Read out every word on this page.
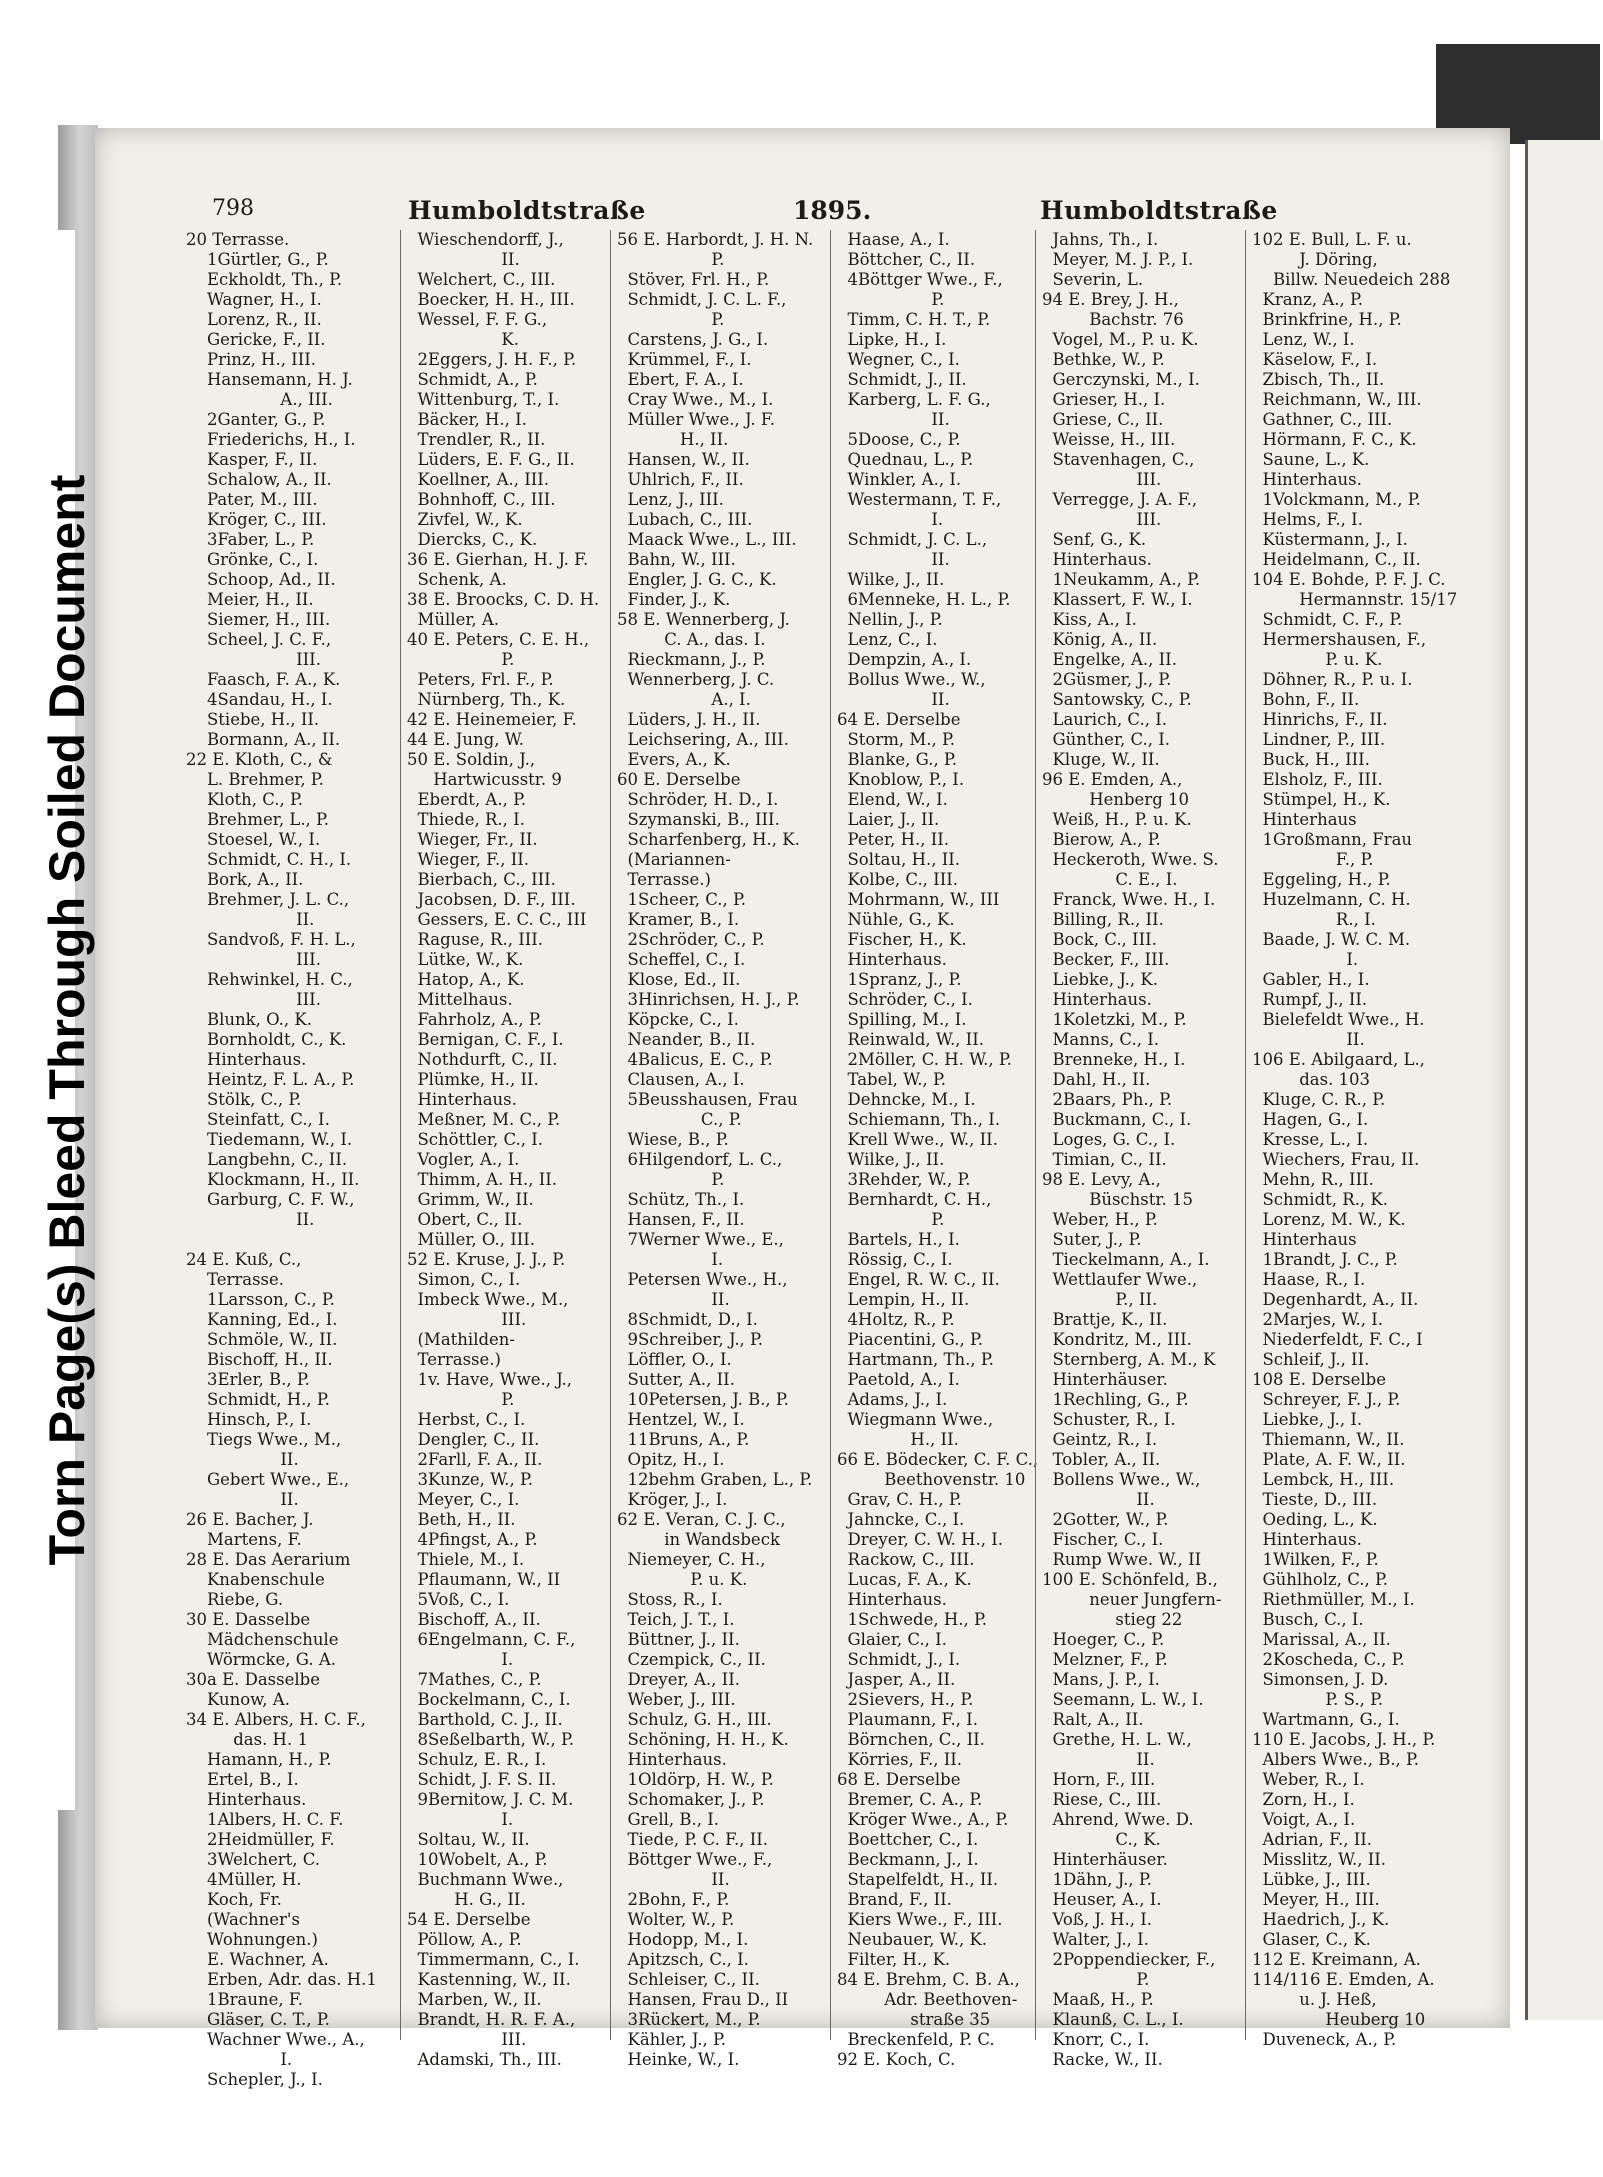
Torn Page(s) Bleed Through Soiled Document
798	Humboldtstraße	1895.	Humboldtstraße
20 Terrasse.
1Gürtler, G., P.
Eckholdt, Th., P.
Wagner, H., I.
Lorenz, R., II.
Gericke, F., II.
Prinz, H., III.
Hansemann, H. J.
A., III.
2Ganter, G., P.
Friederichs, H., I.
Kasper, F., II.
Schalow, A., II.
Pater, M., III.
Kröger, C., III.
3Faber, L., P.
Grönke, C., I.
Schoop, Ad., II.
Meier, H., II.
Siemer, H., III.
Scheel, J. C. F.,
III.
Faasch, F. A., K.
4Sandau, H., I.
Stiebe, H., II.
Bormann, A., II.
22 E. Kloth, C., &
L. Brehmer, P.
Kloth, C., P.
Brehmer, L., P.
Stoesel, W., I.
Schmidt, C. H., I.
Bork, A., II.
Brehmer, J. L. C.,
II.
Sandvoß, F. H. L.,
III.
Rehwinkel, H. C.,
III.
Blunk, O., K.
Bornholdt, C., K.
Hinterhaus.
Heintz, F. L. A., P.
Stölk, C., P.
Steinfatt, C., I.
Tiedemann, W., I.
Langbehn, C., II.
Klockmann, H., II.
Garburg, C. F. W.,
II.
24 E. Kuß, C.,
Terrasse.
1Larsson, C., P.
Kanning, Ed., I.
Schmöle, W., II.
Bischoff, H., II.
3Erler, B., P.
Schmidt, H., P.
Hinsch, P., I.
Tiegs Wwe., M.,
II.
Gebert Wwe., E.,
II.
26 E. Bacher, J.
Martens, F.
28 E. Das Aerarium
Knabenschule
Riebe, G.
30 E. Dasselbe
Mädchenschule
Wörmcke, G. A.
30a E. Dasselbe
Kunow, A.
34 E. Albers, H. C. F.,
das. H. 1
Hamann, H., P.
Ertel, B., I.
Hinterhaus.
1Albers, H. C. F.
2Heidmüller, F.
3Welchert, C.
4Müller, H.
Koch, Fr.
(Wachner's
Wohnungen.)
E. Wachner, A.
Erben, Adr. das. H.1
1Braune, F.
Gläser, C. T., P.
Wachner Wwe., A.,
I.
Schepler, J., I.
Wieschendorff, J.,
II.
Welchert, C., III.
Boecker, H. H., III.
Wessel, F. F. G.,
K.
2Eggers, J. H. F., P.
Schmidt, A., P.
Wittenburg, T., I.
Bäcker, H., I.
Trendler, R., II.
Lüders, E. F. G., II.
Koellner, A., III.
Bohnhoff, C., III.
Zivfel, W., K.
Diercks, C., K.
36 E. Gierhan, H. J. F.
Schenk, A.
38 E. Broocks, C. D. H.
Müller, A.
40 E. Peters, C. E. H.,
P.
Peters, Frl. F., P.
Nürnberg, Th., K.
42 E. Heinemeier, F.
44 E. Jung, W.
50 E. Soldin, J.,
Hartwicusstr. 9
Eberdt, A., P.
Thiede, R., I.
Wieger, Fr., II.
Wieger, F., II.
Bierbach, C., III.
Jacobsen, D. F., III.
Gessers, E. C. C., III
Raguse, R., III.
Lütke, W., K.
Hatop, A., K.
Mittelhaus.
Fahrholz, A., P.
Bernigan, C. F., I.
Nothdurft, C., II.
Plümke, H., II.
Hinterhaus.
Meßner, M. C., P.
Schöttler, C., I.
Vogler, A., I.
Thimm, A. H., II.
Grimm, W., II.
Obert, C., II.
Müller, O., III.
52 E. Kruse, J. J., P.
Simon, C., I.
Imbeck Wwe., M.,
III.
(Mathilden-
Terrasse.)
1v. Have, Wwe., J.,
P.
Herbst, C., I.
Dengler, C., II.
2Farll, F. A., II.
3Kunze, W., P.
Meyer, C., I.
Beth, H., II.
4Pfingst, A., P.
Thiele, M., I.
Pflaumann, W., II
5Voß, C., I.
Bischoff, A., II.
6Engelmann, C. F.,
I.
7Mathes, C., P.
Bockelmann, C., I.
Barthold, C. J., II.
8Seßelbarth, W., P.
Schulz, E. R., I.
Schidt, J. F. S. II.
9Bernitow, J. C. M.
I.
Soltau, W., II.
10Wobelt, A., P.
Buchmann Wwe.,
H. G., II.
54 E. Derselbe
Pöllow, A., P.
Timmermann, C., I.
Kastenning, W., II.
Marben, W., II.
Brandt, H. R. F. A.,
III.
Adamski, Th., III.
56 E. Harbordt, J. H. N.
P.
Stöver, Frl. H., P.
Schmidt, J. C. L. F.,
P.
Carstens, J. G., I.
Krümmel, F., I.
Ebert, F. A., I.
Cray Wwe., M., I.
Müller Wwe., J. F.
H., II.
Hansen, W., II.
Uhlrich, F., II.
Lenz, J., III.
Lubach, C., III.
Maack Wwe., L., III.
Bahn, W., III.
Engler, J. G. C., K.
Finder, J., K.
58 E. Wennerberg, J.
C. A., das. I.
Rieckmann, J., P.
Wennerberg, J. C.
A., I.
Lüders, J. H., II.
Leichsering, A., III.
Evers, A., K.
60 E. Derselbe
Schröder, H. D., I.
Szymanski, B., III.
Scharfenberg, H., K.
(Mariannen-
Terrasse.)
1Scheer, C., P.
Kramer, B., I.
2Schröder, C., P.
Scheffel, C., I.
Klose, Ed., II.
3Hinrichsen, H. J., P.
Köpcke, C., I.
Neander, B., II.
4Balicus, E. C., P.
Clausen, A., I.
5Beusshausen, Frau
C., P.
Wiese, B., P.
6Hilgendorf, L. C.,
P.
Schütz, Th., I.
Hansen, F., II.
7Werner Wwe., E.,
I.
Petersen Wwe., H.,
II.
8Schmidt, D., I.
9Schreiber, J., P.
Löffler, O., I.
Sutter, A., II.
10Petersen, J. B., P.
Hentzel, W., I.
11Bruns, A., P.
Opitz, H., I.
12behm Graben, L., P.
Kröger, J., I.
62 E. Veran, C. J. C.,
in Wandsbeck
Niemeyer, C. H.,
P. u. K.
Stoss, R., I.
Teich, J. T., I.
Büttner, J., II.
Czempick, C., II.
Dreyer, A., II.
Weber, J., III.
Schulz, G. H., III.
Schöning, H. H., K.
Hinterhaus.
1Oldörp, H. W., P.
Schomaker, J., P.
Grell, B., I.
Tiede, P. C. F., II.
Böttger Wwe., F.,
II.
2Bohn, F., P.
Wolter, W., P.
Hodopp, M., I.
Apitzsch, C., I.
Schleiser, C., II.
Hansen, Frau D., II
3Rückert, M., P.
Kähler, J., P.
Heinke, W., I.
Haase, A., I.
Böttcher, C., II.
4Böttger Wwe., F.,
P.
Timm, C. H. T., P.
Lipke, H., I.
Wegner, C., I.
Schmidt, J., II.
Karberg, L. F. G.,
II.
5Doose, C., P.
Quednau, L., P.
Winkler, A., I.
Westermann, T. F.,
I.
Schmidt, J. C. L.,
II.
Wilke, J., II.
6Menneke, H. L., P.
Nellin, J., P.
Lenz, C., I.
Dempzin, A., I.
Bollus Wwe., W.,
II.
64 E. Derselbe
Storm, M., P.
Blanke, G., P.
Knoblow, P., I.
Elend, W., I.
Laier, J., II.
Peter, H., II.
Soltau, H., II.
Kolbe, C., III.
Mohrmann, W., III
Nühle, G., K.
Fischer, H., K.
Hinterhaus.
1Spranz, J., P.
Schröder, C., I.
Spilling, M., I.
Reinwald, W., II.
2Möller, C. H. W., P.
Tabel, W., P.
Dehncke, M., I.
Schiemann, Th., I.
Krell Wwe., W., II.
Wilke, J., II.
3Rehder, W., P.
Bernhardt, C. H.,
P.
Bartels, H., I.
Rössig, C., I.
Engel, R. W. C., II.
Lempin, H., II.
4Holtz, R., P.
Piacentini, G., P.
Hartmann, Th., P.
Paetold, A., I.
Adams, J., I.
Wiegmann Wwe.,
H., II.
66 E. Bödecker, C. F. C.,
Beethovenstr. 10
Grav, C. H., P.
Jahncke, C., I.
Dreyer, C. W. H., I.
Rackow, C., III.
Lucas, F. A., K.
Hinterhaus.
1Schwede, H., P.
Glaier, C., I.
Schmidt, J., I.
Jasper, A., II.
2Sievers, H., P.
Plaumann, F., I.
Börnchen, C., II.
Körries, F., II.
68 E. Derselbe
Bremer, C. A., P.
Kröger Wwe., A., P.
Boettcher, C., I.
Beckmann, J., I.
Stapelfeldt, H., II.
Brand, F., II.
Kiers Wwe., F., III.
Neubauer, W., K.
Filter, H., K.
84 E. Brehm, C. B. A.,
Adr. Beethoven-
straße 35
Breckenfeld, P. C.
92 E. Koch, C.
Jahns, Th., I.
Meyer, M. J. P., I.
Severin, L.
94 E. Brey, J. H.,
Bachstr. 76
Vogel, M., P. u. K.
Bethke, W., P.
Gerczynski, M., I.
Grieser, H., I.
Griese, C., II.
Weisse, H., III.
Stavenhagen, C.,
III.
Verregge, J. A. F.,
III.
Senf, G., K.
Hinterhaus.
1Neukamm, A., P.
Klassert, F. W., I.
Kiss, A., I.
König, A., II.
Engelke, A., II.
2Güsmer, J., P.
Santowsky, C., P.
Laurich, C., I.
Günther, C., I.
Kluge, W., II.
96 E. Emden, A.,
Henberg 10
Weiß, H., P. u. K.
Bierow, A., P.
Heckeroth, Wwe. S.
C. E., I.
Franck, Wwe. H., I.
Billing, R., II.
Bock, C., III.
Becker, F., III.
Liebke, J., K.
Hinterhaus.
1Koletzki, M., P.
Manns, C., I.
Brenneke, H., I.
Dahl, H., II.
2Baars, Ph., P.
Buckmann, C., I.
Loges, G. C., I.
Timian, C., II.
98 E. Levy, A.,
Büschstr. 15
Weber, H., P.
Suter, J., P.
Tieckelmann, A., I.
Wettlaufer Wwe.,
P., II.
Brattje, K., II.
Kondritz, M., III.
Sternberg, A. M., K
Hinterhäuser.
1Rechling, G., P.
Schuster, R., I.
Geintz, R., I.
Tobler, A., II.
Bollens Wwe., W.,
II.
2Gotter, W., P.
Fischer, C., I.
Rump Wwe. W., II
100 E. Schönfeld, B.,
neuer Jungfern-
stieg 22
Hoeger, C., P.
Melzner, F., P.
Mans, J. P., I.
Seemann, L. W., I.
Ralt, A., II.
Grethe, H. L. W.,
II.
Horn, F., III.
Riese, C., III.
Ahrend, Wwe. D.
C., K.
Hinterhäuser.
1Dähn, J., P.
Heuser, A., I.
Voß, J. H., I.
Walter, J., I.
2Poppendiecker, F.,
P.
Maaß, H., P.
Klaunß, C. L., I.
Knorr, C., I.
Racke, W., II.
102 E. Bull, L. F. u.
J. Döring,
Billw. Neuedeich 288
Kranz, A., P.
Brinkfrine, H., P.
Lenz, W., I.
Käselow, F., I.
Zbisch, Th., II.
Reichmann, W., III.
Gathner, C., III.
Hörmann, F. C., K.
Saune, L., K.
Hinterhaus.
1Volckmann, M., P.
Helms, F., I.
Küstermann, J., I.
Heidelmann, C., II.
104 E. Bohde, P. F. J. C.
Hermannstr. 15/17
Schmidt, C. F., P.
Hermershausen, F.,
P. u. K.
Döhner, R., P. u. I.
Bohn, F., II.
Hinrichs, F., II.
Lindner, P., III.
Buck, H., III.
Elsholz, F., III.
Stümpel, H., K.
Hinterhaus
1Großmann, Frau
F., P.
Eggeling, H., P.
Huzelmann, C. H.
R., I.
Baade, J. W. C. M.
I.
Gabler, H., I.
Rumpf, J., II.
Bielefeldt Wwe., H.
II.
106 E. Abilgaard, L.,
das. 103
Kluge, C. R., P.
Hagen, G., I.
Kresse, L., I.
Wiechers, Frau, II.
Mehn, R., III.
Schmidt, R., K.
Lorenz, M. W., K.
Hinterhaus
1Brandt, J. C., P.
Haase, R., I.
Degenhardt, A., II.
2Marjes, W., I.
Niederfeldt, F. C., I
Schleif, J., II.
108 E. Derselbe
Schreyer, F. J., P.
Liebke, J., I.
Thiemann, W., II.
Plate, A. F. W., II.
Lembck, H., III.
Tieste, D., III.
Oeding, L., K.
Hinterhaus.
1Wilken, F., P.
Gühlholz, C., P.
Riethmüller, M., I.
Busch, C., I.
Marissal, A., II.
2Koscheda, C., P.
Simonsen, J. D.
P. S., P.
Wartmann, G., I.
110 E. Jacobs, J. H., P.
Albers Wwe., B., P.
Weber, R., I.
Zorn, H., I.
Voigt, A., I.
Adrian, F., II.
Misslitz, W., II.
Lübke, J., III.
Meyer, H., III.
Haedrich, J., K.
Glaser, C., K.
112 E. Kreimann, A.
114/116 E. Emden, A.
u. J. Heß,
Heuberg 10
Duveneck, A., P.
